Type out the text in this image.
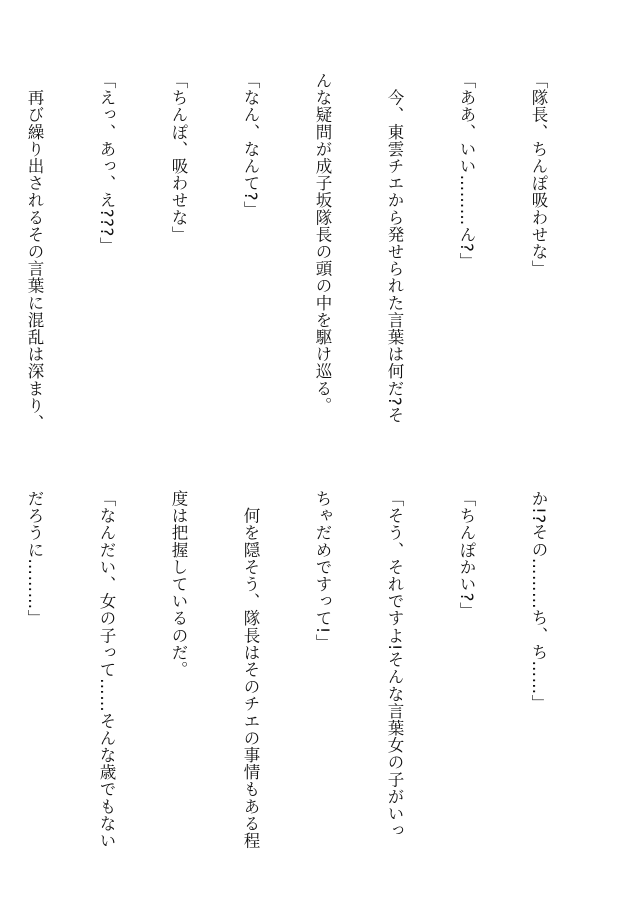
「隊長、ちんぽ吸わせな」

「ああ、いい………ん?」

　今、東雲チエから発せられた言葉は何だ?そ

んな疑問が成子坂隊長の頭の中を駆け巡る。

「なん、なんて?」

「ちんぽ、吸わせな」

「えっ、あっ、え???」

　再び繰り出されるその言葉に混乱は深まり、

か!?その………ち、ち……」

「ちんぽかい?」

「そう、それですよ!そんな言葉女の子がいっ

ちゃだめですって!」

　何を隠そう、隊長はそのチエの事情もある程

度は把握しているのだ。

「なんだい、女の子って……そんな歳でもない

だろうに………」
